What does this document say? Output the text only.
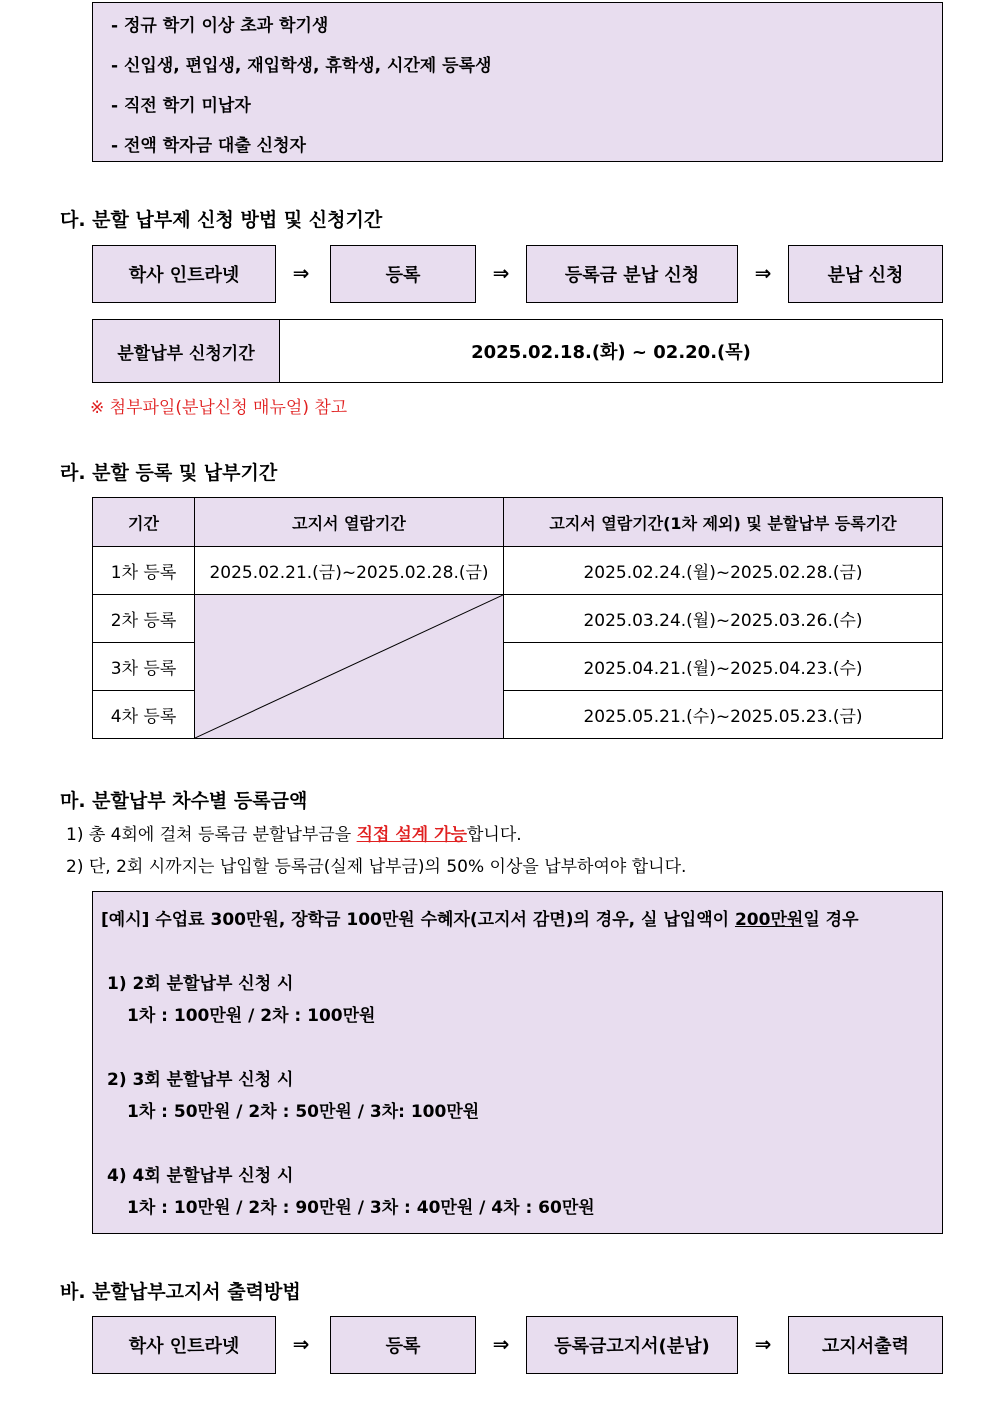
- 정규 학기 이상 초과 학기생
- 신입생, 편입생, 재입학생, 휴학생, 시간제 등록생
- 직전 학기 미납자
- 전액 학자금 대출 신청자
다. 분할 납부제 신청 방법 및 신청기간
학사 인트라넷	⇒	등록	⇒	등록금 분납 신청	⇒	분납 신청
분할납부 신청기간	2025.02.18.(화) ~ 02.20.(목)
※ 첨부파일(분납신청 매뉴얼) 참고
라. 분할 등록 및 납부기간
기간	고지서 열람기간	고지서 열람기간(1차 제외) 및 분할납부 등록기간
1차 등록	2025.02.21.(금)~2025.02.28.(금)	2025.02.24.(월)~2025.02.28.(금)
2차 등록		2025.03.24.(월)~2025.03.26.(수)
3차 등록		2025.04.21.(월)~2025.04.23.(수)
4차 등록		2025.05.21.(수)~2025.05.23.(금)
마. 분할납부 차수별 등록금액
1) 총 4회에 걸쳐 등록금 분할납부금을 직접 설계 가능합니다.
2) 단, 2회 시까지는 납입할 등록금(실제 납부금)의 50% 이상을 납부하여야 합니다.
[예시] 수업료 300만원, 장학금 100만원 수혜자(고지서 감면)의 경우, 실 납입액이 200만원일 경우
1) 2회 분할납부 신청 시
1차 : 100만원 / 2차 : 100만원
2) 3회 분할납부 신청 시
1차 : 50만원 / 2차 : 50만원 / 3차: 100만원
4) 4회 분할납부 신청 시
1차 : 10만원 / 2차 : 90만원 / 3차 : 40만원 / 4차 : 60만원
바. 분할납부고지서 출력방법
학사 인트라넷	⇒	등록	⇒	등록금고지서(분납)	⇒	고지서출력
